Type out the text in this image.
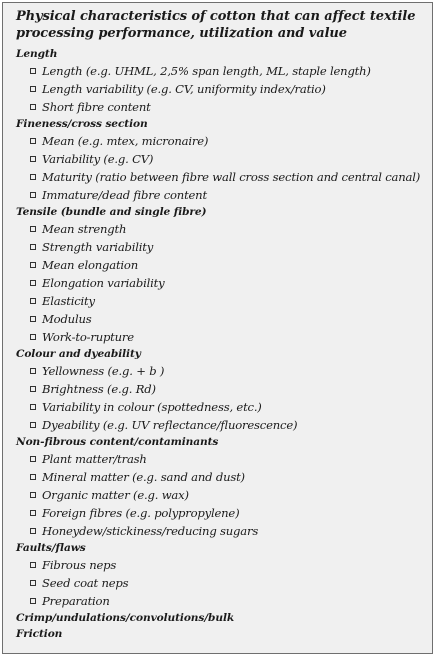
Physical characteristics of cotton that can affect textile processing performance, utilization and value
Length
Length (e.g. UHML, 2,5% span length, ML, staple length)
Length variability (e.g. CV, uniformity index/ratio)
Short fibre content
Fineness/cross section
Mean (e.g. mtex, micronaire)
Variability (e.g. CV)
Maturity (ratio between fibre wall cross section and central canal)
Immature/dead fibre content
Tensile (bundle and single fibre)
Mean strength
Strength variability
Mean elongation
Elongation variability
Elasticity
Modulus
Work-to-rupture
Colour and dyeability
Yellowness (e.g. + b )
Brightness (e.g. Rd)
Variability in colour (spottedness, etc.)
Dyeability (e.g. UV reflectance/fluorescence)
Non-fibrous content/contaminants
Plant matter/trash
Mineral matter (e.g. sand and dust)
Organic matter (e.g. wax)
Foreign fibres (e.g. polypropylene)
Honeydew/stickiness/reducing sugars
Faults/flaws
Fibrous neps
Seed coat neps
Preparation
Crimp/undulations/convolutions/bulk
Friction
